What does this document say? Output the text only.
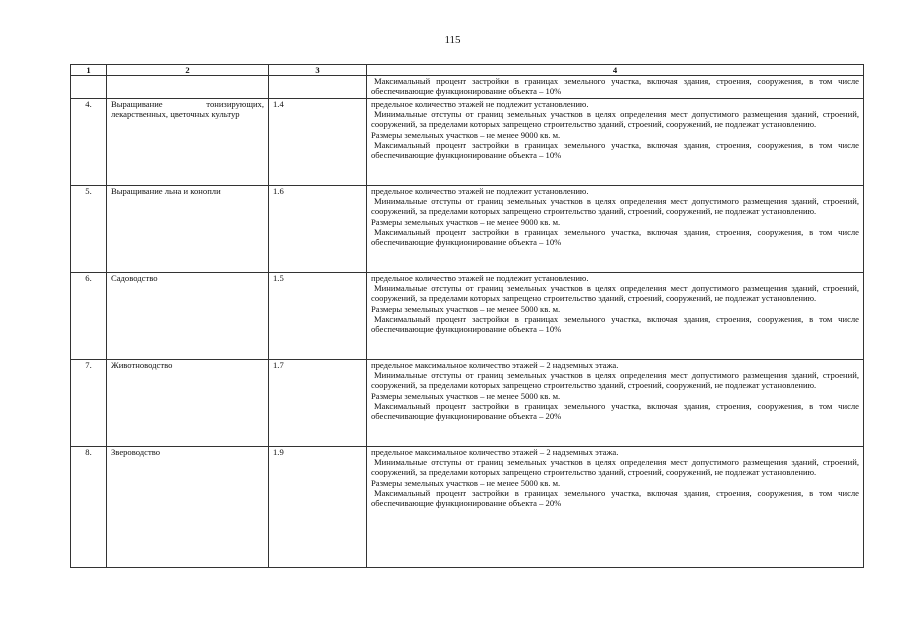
115
1	2	3	4

			Максимальный процент застройки в границах земельного участка, включая здания, строения, сооружения, в том числе обеспечивающие функционирование объекта – 10%

4.	Выращивание тонизирующих, лекарственных, цветочных культур	1.4	предельное количество этажей не подлежит установлению.

Минимальные отступы от границ земельных участков в целях определения мест допустимого размещения зданий, строений, сооружений, за пределами которых запрещено строительство зданий, строений, сооружений, не подлежат установлению.

Размеры земельных участков – не менее 9000 кв. м.

Максимальный процент застройки в границах земельного участка, включая здания, строения, сооружения, в том числе обеспечивающие функционирование объекта – 10%

5.	Выращивание льна и конопли	1.6	предельное количество этажей не подлежит установлению.

Минимальные отступы от границ земельных участков в целях определения мест допустимого размещения зданий, строений, сооружений, за пределами которых запрещено строительство зданий, строений, сооружений, не подлежат установлению.

Размеры земельных участков – не менее 9000 кв. м.

Максимальный процент застройки в границах земельного участка, включая здания, строения, сооружения, в том числе обеспечивающие функционирование объекта – 10%

6.	Садоводство	1.5	предельное количество этажей не подлежит установлению.

Минимальные отступы от границ земельных участков в целях определения мест допустимого размещения зданий, строений, сооружений, за пределами которых запрещено строительство зданий, строений, сооружений, не подлежат установлению.

Размеры земельных участков – не менее 5000 кв. м.

Максимальный процент застройки в границах земельного участка, включая здания, строения, сооружения, в том числе обеспечивающие функционирование объекта – 10%

7.	Животноводство	1.7	предельное максимальное количество этажей – 2 надземных этажа.

Минимальные отступы от границ земельных участков в целях определения мест допустимого размещения зданий, строений, сооружений, за пределами которых запрещено строительство зданий, строений, сооружений, не подлежат установлению.

Размеры земельных участков – не менее 5000 кв. м.

Максимальный процент застройки в границах земельного участка, включая здания, строения, сооружения, в том числе обеспечивающие функционирование объекта – 20%

8.	Звероводство	1.9	предельное максимальное количество этажей – 2 надземных этажа.

Минимальные отступы от границ земельных участков в целях определения мест допустимого размещения зданий, строений, сооружений, за пределами которых запрещено строительство зданий, строений, сооружений, не подлежат установлению.

Размеры земельных участков – не менее 5000 кв. м.

Максимальный процент застройки в границах земельного участка, включая здания, строения, сооружения, в том числе обеспечивающие функционирование объекта – 20%
